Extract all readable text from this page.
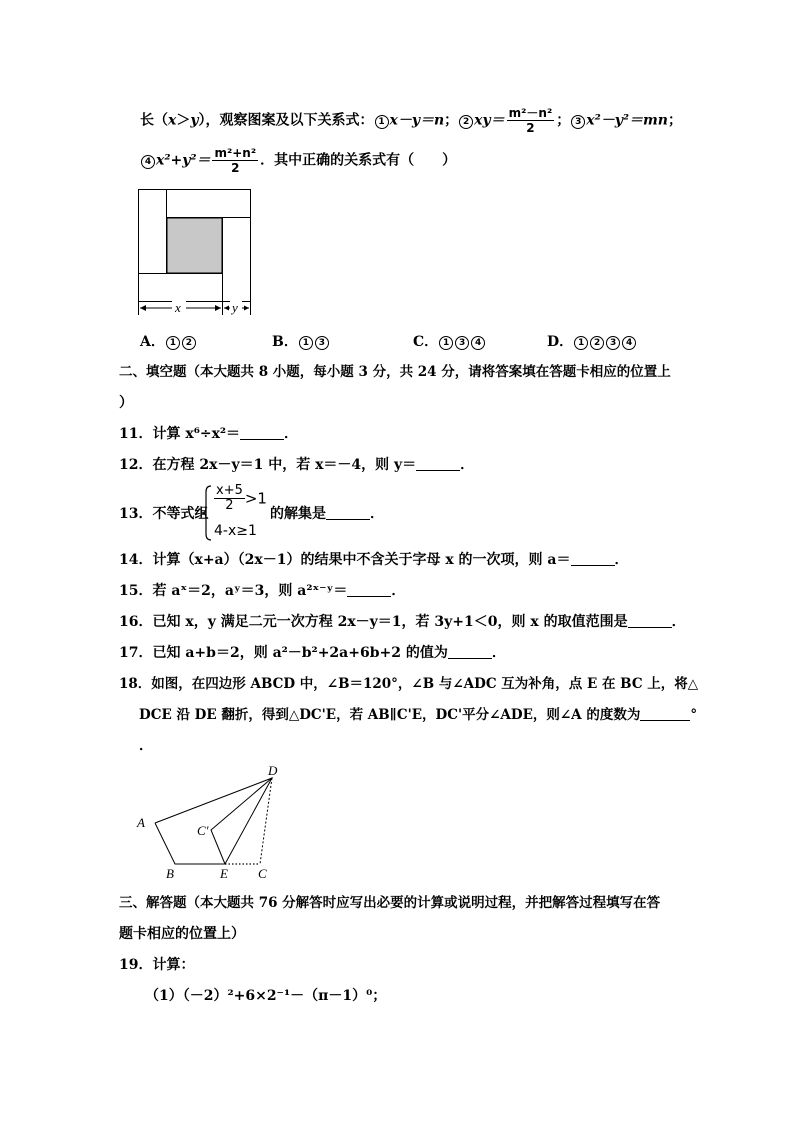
长（x＞y），观察图案及以下关系式： 1 x－y＝n； 2 $xy= \frac{\text{m²－n²}}{2}$ ； 3 x²－y²＝mn；
4 $x^2+y^2= \frac{\text{m²+n²}}{2}$ ．其中正确的关系式有（　　）
x	y
A． 1 2	B． 1 3	C． 1 3 4	D． 1 2 3 4
二、填空题（本大题共 8 小题，每小题 3 分，共 24 分，请将答案填在答题卡相应的位置上
）
11．计算 x⁶÷x²＝	．
12．在方程 2x－y＝1 中，若 x＝－4，则 y＝	．
13．不等式组
$\frac{x+5}{2} >1$
4-x≥1
的解集是	．
14．计算（x+a）（2x－1）的结果中不含关于字母 x 的一次项，则 a＝	．
15．若 aˣ＝2，aʸ＝3，则 a²ˣ⁻ʸ＝	．
16．已知 x，y 满足二元一次方程 2x－y＝1，若 3y+1＜0，则 x 的取值范围是	．
17．已知 a+b＝2，则 a²－b²+2a+6b+2 的值为	．
18．如图，在四边形 ABCD 中，∠B＝120°，∠B 与∠ADC 互为补角，点 E 在 BC 上，将△
DCE 沿 DE 翻折，得到△DC'E，若 AB∥C'E，DC'平分∠ADE，则∠A 的度数为	°
．
D
A
C'
B	E C
三、解答题（本大题共 76 分解答时应写出必要的计算或说明过程，并把解答过程填写在答
题卡相应的位置上）
19．计算：
（1）（－2）²+6×2⁻¹－（π－1）⁰；
